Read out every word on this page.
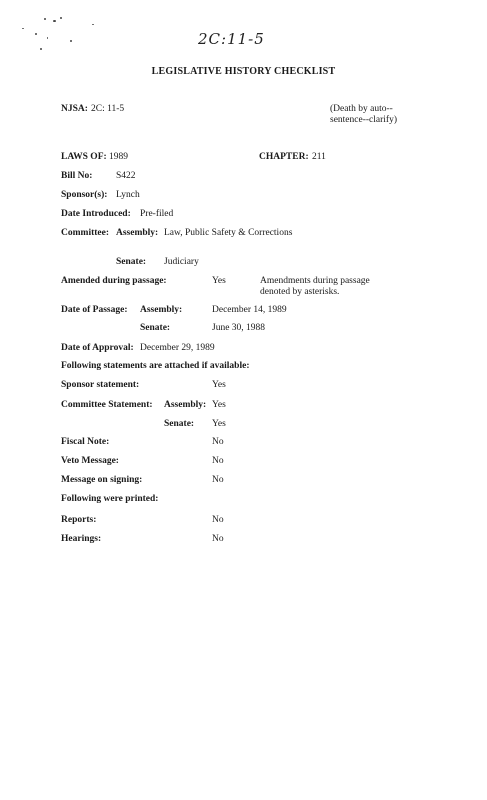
2C:11-5
LEGISLATIVE HISTORY CHECKLIST
NJSA: 2C: 11-5	(Death by auto--
sentence--clarify)
LAWS OF: 1989	CHAPTER: 211
Bill No: S422
Sponsor(s): Lynch
Date Introduced: Pre-filed
Committee: Assembly: Law, Public Safety & Corrections
Senate: Judiciary
Amended during passage:	Yes	Amendments during passage
denoted by asterisks.
Date of Passage: Assembly:	December 14, 1989
Senate:	June 30, 1988
Date of Approval: December 29, 1989
Following statements are attached if available:
Sponsor statement:	Yes
Committee Statement: Assembly: Yes
Senate: Yes
Fiscal Note:	No
Veto Message:	No
Message on signing:	No
Following were printed:
Reports:	No
Hearings:	No
